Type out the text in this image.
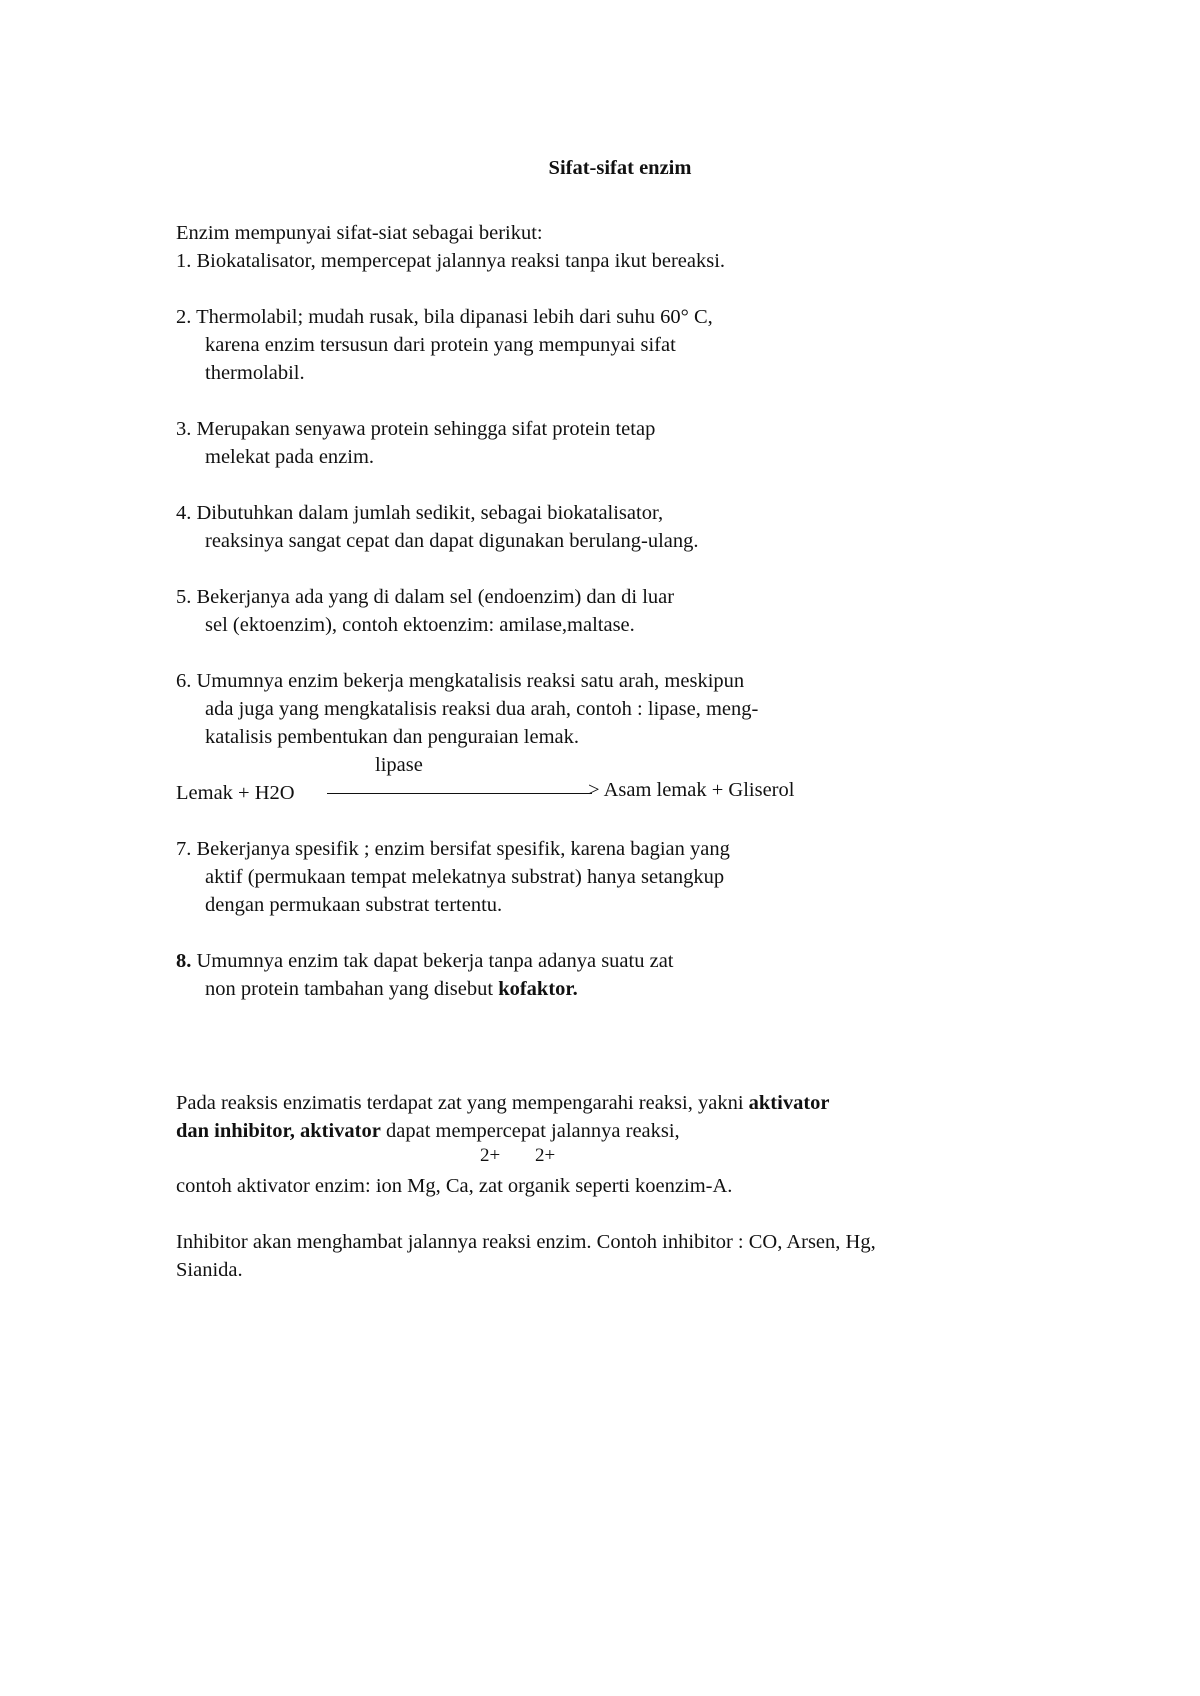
Sifat-sifat enzim
Enzim mempunyai sifat-siat sebagai berikut:
1. Biokatalisator, mempercepat jalannya reaksi tanpa ikut bereaksi.
2. Thermolabil; mudah rusak, bila dipanasi lebih dari suhu 60° C,
karena enzim tersusun dari protein yang mempunyai sifat
thermolabil.
3. Merupakan senyawa protein sehingga sifat protein tetap
melekat pada enzim.
4. Dibutuhkan dalam jumlah sedikit, sebagai biokatalisator,
reaksinya sangat cepat dan dapat digunakan berulang-ulang.
5. Bekerjanya ada yang di dalam sel (endoenzim) dan di luar
sel (ektoenzim), contoh ektoenzim: amilase,maltase.
6. Umumnya enzim bekerja mengkatalisis reaksi satu arah, meskipun
ada juga yang mengkatalisis reaksi dua arah, contoh : lipase, meng-
katalisis pembentukan dan penguraian lemak.
lipase
Lemak + H2O	> Asam lemak + Gliserol
7. Bekerjanya spesifik ; enzim bersifat spesifik, karena bagian yang
aktif (permukaan tempat melekatnya substrat) hanya setangkup
dengan permukaan substrat tertentu.
8. Umumnya enzim tak dapat bekerja tanpa adanya suatu zat
non protein tambahan yang disebut kofaktor.
Pada reaksis enzimatis terdapat zat yang mempengarahi reaksi, yakni aktivator
dan inhibitor, aktivator dapat mempercepat jalannya reaksi,
2+ 2+
contoh aktivator enzim: ion Mg, Ca, zat organik seperti koenzim-A.
Inhibitor akan menghambat jalannya reaksi enzim. Contoh inhibitor : CO, Arsen, Hg,
Sianida.
